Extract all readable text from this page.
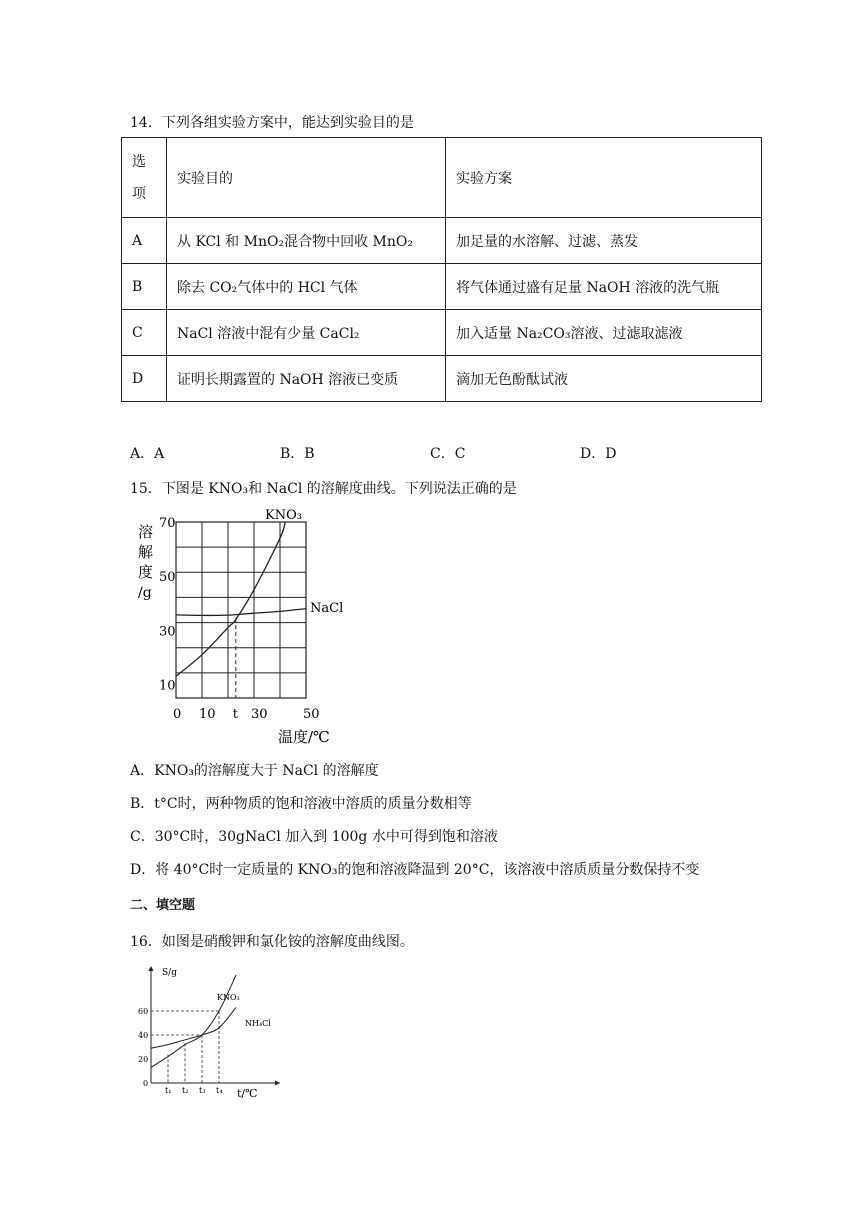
14．下列各组实验方案中，能达到实验目的是
选
项	实验目的	实验方案
A	从 KCl 和 MnO₂混合物中回收 MnO₂	加足量的水溶解、过滤、蒸发
B	除去 CO₂气体中的 HCl 气体	将气体通过盛有足量 NaOH 溶液的洗气瓶
C	NaCl 溶液中混有少量 CaCl₂	加入适量 Na₂CO₃溶液、过滤取滤液
D	证明长期露置的 NaOH 溶液已变质	滴加无色酚酞试液
A．A	B．B	C．C	D．D
15．下图是 KNO₃和 NaCl 的溶解度曲线。下列说法正确的是
溶
解
度
/g
温度/℃
KNO₃
NaCl
70
50
30
10
0 10 t 30	50
A．KNO₃的溶解度大于 NaCl 的溶解度
B．t°C时，两种物质的饱和溶液中溶质的质量分数相等
C．30°C时，30gNaCl 加入到 100g 水中可得到饱和溶液
D．将 40°C时一定质量的 KNO₃的饱和溶液降温到 20°C，该溶液中溶质质量分数保持不变
二、填空题
16．如图是硝酸钾和氯化铵的溶解度曲线图。
S/g
t/℃
KNO₃
NH₄Cl
60
40
20
0
t₁ t₂ t₃ t₄
